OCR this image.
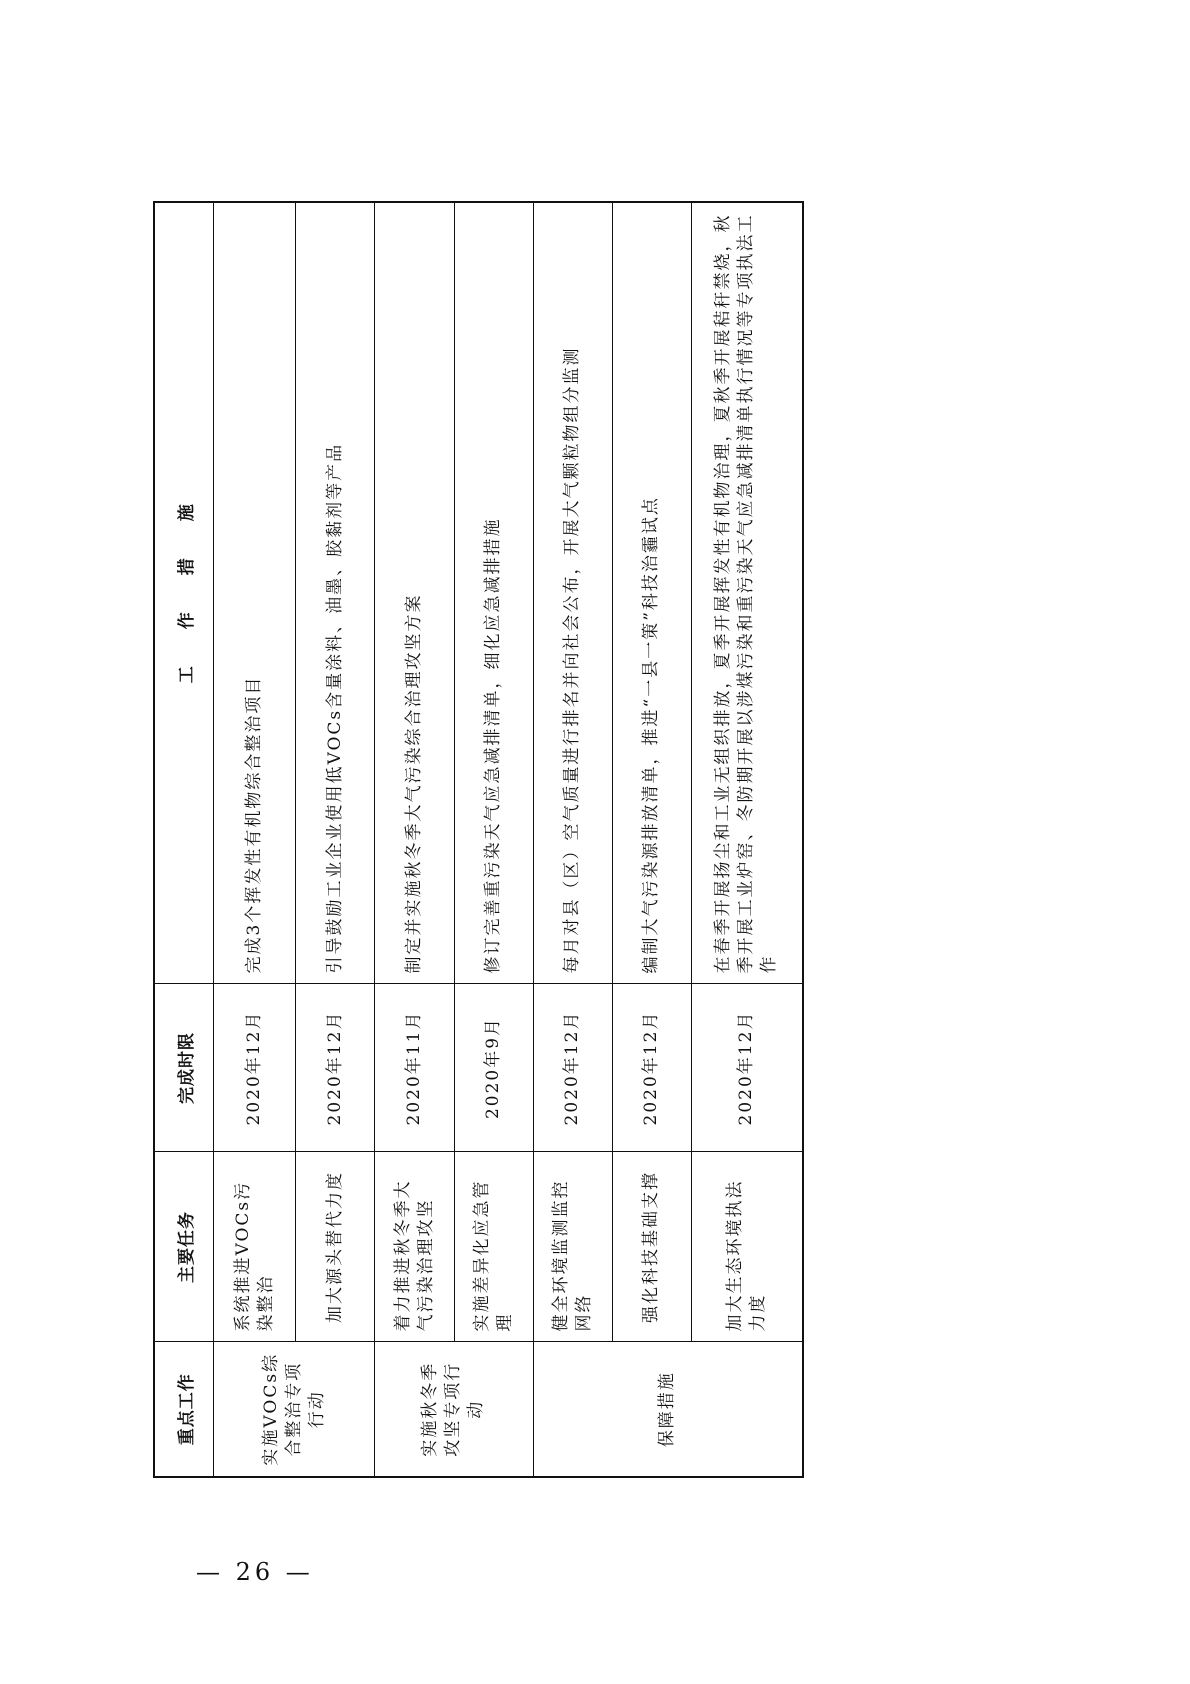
重点工作	主要任务	完成时限	工　　作　　措　　施
实施VOCs综合整治专项行动	系统推进VOCs污染整治	2020年12月	完成3个挥发性有机物综合整治项目
	加大源头替代力度	2020年12月	引导鼓励工业企业使用低VOCs含量涂料、油墨、胶黏剂等产品
实施秋冬季攻坚专项行动	着力推进秋冬季大气污染治理攻坚	2020年11月	制定并实施秋冬季大气污染综合治理攻坚方案
	实施差异化应急管理	2020年9月	修订完善重污染天气应急减排清单，细化应急减排措施
保障措施	健全环境监测监控网络	2020年12月	每月对县（区）空气质量进行排名并向社会公布，开展大气颗粒物组分监测
	强化科技基础支撑	2020年12月	编制大气污染源排放清单，推进“一县一策”科技治霾试点
	加大生态环境执法力度	2020年12月	在春季开展扬尘和工业无组织排放，夏季开展挥发性有机物治理，夏秋季开展秸秆禁烧，秋季开展工业炉窑、冬防期开展以涉煤污染和重污染天气应急减排清单执行情况等专项执法工作
— 26 —
